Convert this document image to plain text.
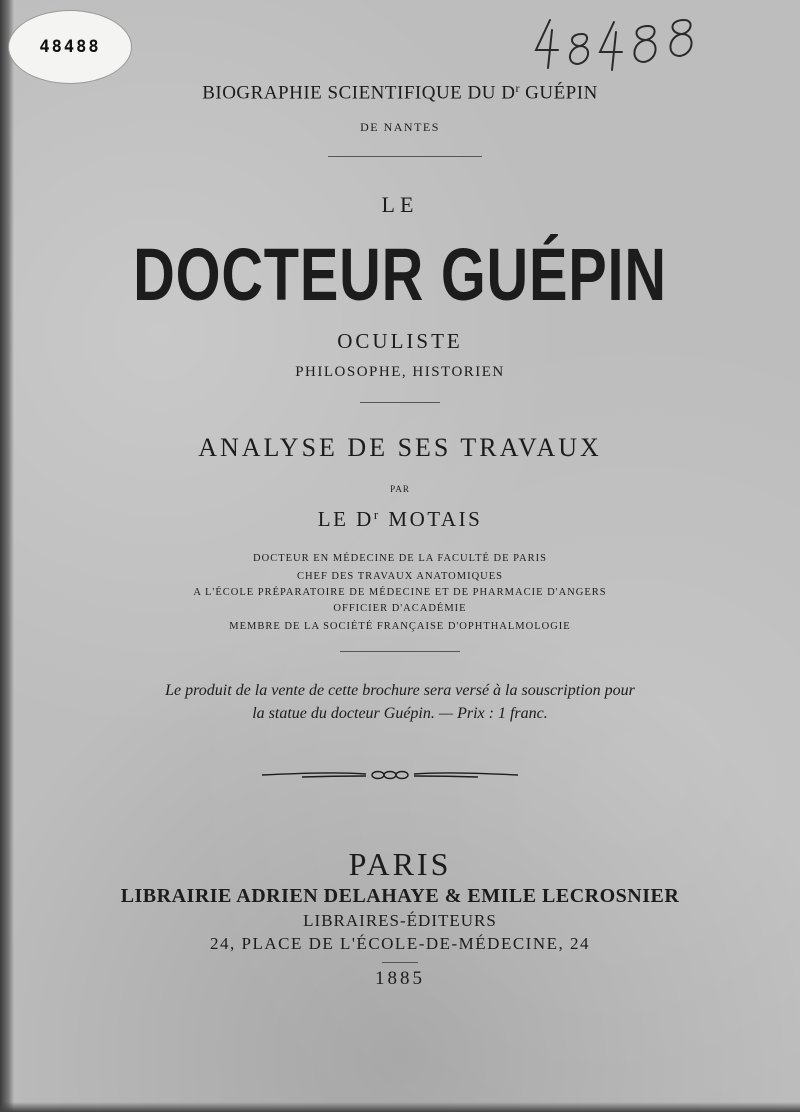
48488
BIOGRAPHIE SCIENTIFIQUE DU $D^r$ GUÉPIN
DE NANTES
LE
DOCTEUR GUÉPIN
OCULISTE
PHILOSOPHE, HISTORIEN
ANALYSE DE SES TRAVAUX
PAR
LE $D^r$ MOTAIS
DOCTEUR EN MÉDECINE DE LA FACULTÉ DE PARIS
CHEF DES TRAVAUX ANATOMIQUES
A L'ÉCOLE PRÉPARATOIRE DE MÉDECINE ET DE PHARMACIE D'ANGERS
OFFICIER D'ACADÉMIE
MEMBRE DE LA SOCIÉTÉ FRANÇAISE D'OPHTHALMOLOGIE
Le produit de la vente de cette brochure sera versé à la souscription pour
la statue du docteur Guépin. — Prix : 1 franc.
PARIS
LIBRAIRIE ADRIEN DELAHAYE & EMILE LECROSNIER
LIBRAIRES-ÉDITEURS
24, PLACE DE L'ÉCOLE-DE-MÉDECINE, 24
1885
